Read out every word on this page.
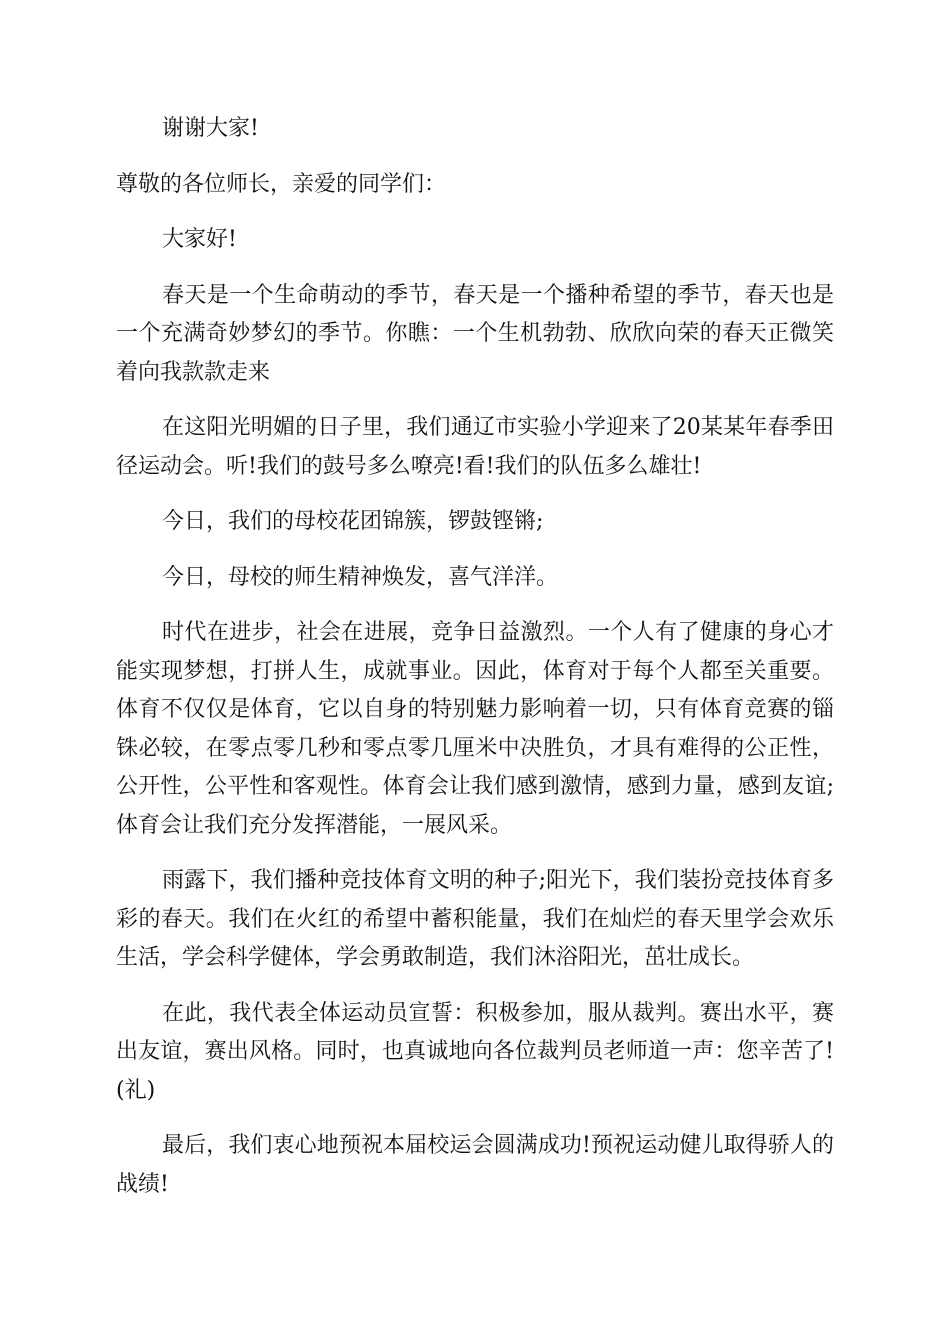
谢谢大家!

尊敬的各位师长，亲爱的同学们：

大家好!

春天是一个生命萌动的季节，春天是一个播种希望的季节，春天也是一个充满奇妙梦幻的季节。你瞧：一个生机勃勃、欣欣向荣的春天正微笑着向我款款走来

在这阳光明媚的日子里，我们通辽市实验小学迎来了20某某年春季田径运动会。听!我们的鼓号多么嘹亮!看!我们的队伍多么雄壮!

今日，我们的母校花团锦簇，锣鼓铿锵;

今日，母校的师生精神焕发，喜气洋洋。

时代在进步，社会在进展，竞争日益激烈。一个人有了健康的身心才能实现梦想，打拼人生，成就事业。因此，体育对于每个人都至关重要。体育不仅仅是体育，它以自身的特别魅力影响着一切，只有体育竞赛的锱铢必较，在零点零几秒和零点零几厘米中决胜负，才具有难得的公正性，公开性，公平性和客观性。体育会让我们感到激情，感到力量，感到友谊;体育会让我们充分发挥潜能，一展风采。

雨露下，我们播种竞技体育文明的种子;阳光下，我们装扮竞技体育多彩的春天。我们在火红的希望中蓄积能量，我们在灿烂的春天里学会欢乐生活，学会科学健体，学会勇敢制造，我们沐浴阳光，茁壮成长。

在此，我代表全体运动员宣誓：积极参加，服从裁判。赛出水平，赛出友谊，赛出风格。同时，也真诚地向各位裁判员老师道一声：您辛苦了!(礼)

最后，我们衷心地预祝本届校运会圆满成功!预祝运动健儿取得骄人的战绩!
